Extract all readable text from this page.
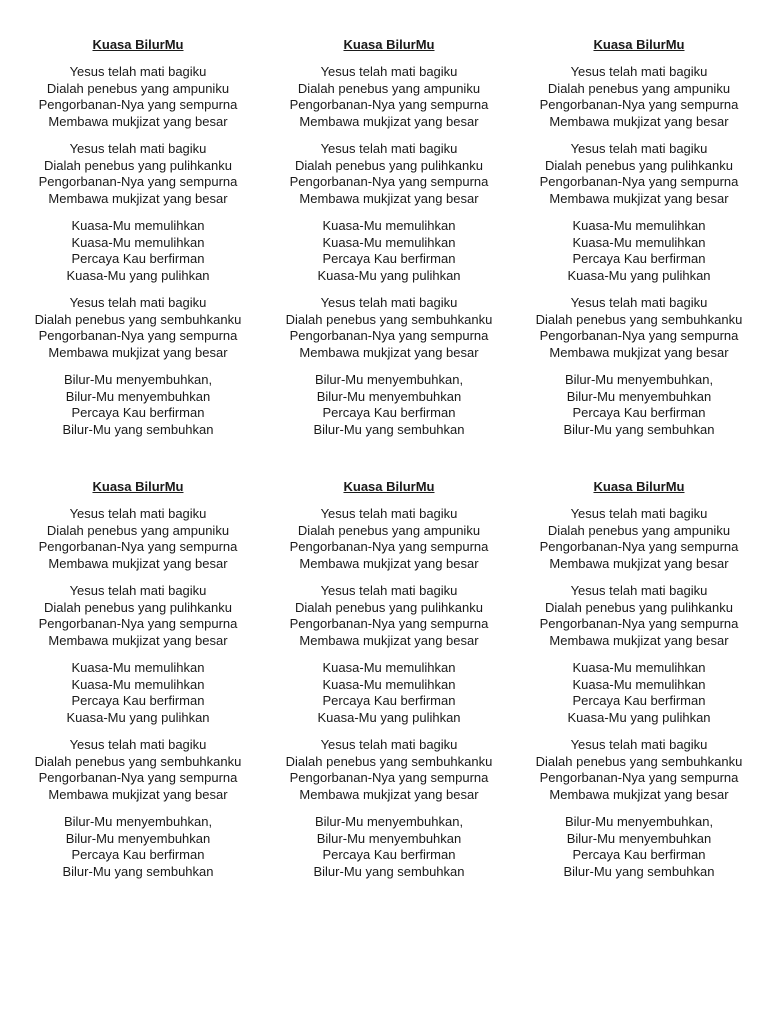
Kuasa BilurMu
Yesus telah mati bagiku
Dialah penebus yang ampuniku
Pengorbanan-Nya yang sempurna
Membawa mukjizat yang besar
Yesus telah mati bagiku
Dialah penebus yang pulihkanku
Pengorbanan-Nya yang sempurna
Membawa mukjizat yang besar
Kuasa-Mu memulihkan
Kuasa-Mu memulihkan
Percaya Kau berfirman
Kuasa-Mu yang pulihkan
Yesus telah mati bagiku
Dialah penebus yang sembuhkanku
Pengorbanan-Nya yang sempurna
Membawa mukjizat yang besar
Bilur-Mu menyembuhkan,
Bilur-Mu menyembuhkan
Percaya Kau berfirman
Bilur-Mu yang sembuhkan
Kuasa BilurMu
Yesus telah mati bagiku
Dialah penebus yang ampuniku
Pengorbanan-Nya yang sempurna
Membawa mukjizat yang besar
Yesus telah mati bagiku
Dialah penebus yang pulihkanku
Pengorbanan-Nya yang sempurna
Membawa mukjizat yang besar
Kuasa-Mu memulihkan
Kuasa-Mu memulihkan
Percaya Kau berfirman
Kuasa-Mu yang pulihkan
Yesus telah mati bagiku
Dialah penebus yang sembuhkanku
Pengorbanan-Nya yang sempurna
Membawa mukjizat yang besar
Bilur-Mu menyembuhkan,
Bilur-Mu menyembuhkan
Percaya Kau berfirman
Bilur-Mu yang sembuhkan
Kuasa BilurMu
Yesus telah mati bagiku
Dialah penebus yang ampuniku
Pengorbanan-Nya yang sempurna
Membawa mukjizat yang besar
Yesus telah mati bagiku
Dialah penebus yang pulihkanku
Pengorbanan-Nya yang sempurna
Membawa mukjizat yang besar
Kuasa-Mu memulihkan
Kuasa-Mu memulihkan
Percaya Kau berfirman
Kuasa-Mu yang pulihkan
Yesus telah mati bagiku
Dialah penebus yang sembuhkanku
Pengorbanan-Nya yang sempurna
Membawa mukjizat yang besar
Bilur-Mu menyembuhkan,
Bilur-Mu menyembuhkan
Percaya Kau berfirman
Bilur-Mu yang sembuhkan
Kuasa BilurMu
Yesus telah mati bagiku
Dialah penebus yang ampuniku
Pengorbanan-Nya yang sempurna
Membawa mukjizat yang besar
Yesus telah mati bagiku
Dialah penebus yang pulihkanku
Pengorbanan-Nya yang sempurna
Membawa mukjizat yang besar
Kuasa-Mu memulihkan
Kuasa-Mu memulihkan
Percaya Kau berfirman
Kuasa-Mu yang pulihkan
Yesus telah mati bagiku
Dialah penebus yang sembuhkanku
Pengorbanan-Nya yang sempurna
Membawa mukjizat yang besar
Bilur-Mu menyembuhkan,
Bilur-Mu menyembuhkan
Percaya Kau berfirman
Bilur-Mu yang sembuhkan
Kuasa BilurMu
Yesus telah mati bagiku
Dialah penebus yang ampuniku
Pengorbanan-Nya yang sempurna
Membawa mukjizat yang besar
Yesus telah mati bagiku
Dialah penebus yang pulihkanku
Pengorbanan-Nya yang sempurna
Membawa mukjizat yang besar
Kuasa-Mu memulihkan
Kuasa-Mu memulihkan
Percaya Kau berfirman
Kuasa-Mu yang pulihkan
Yesus telah mati bagiku
Dialah penebus yang sembuhkanku
Pengorbanan-Nya yang sempurna
Membawa mukjizat yang besar
Bilur-Mu menyembuhkan,
Bilur-Mu menyembuhkan
Percaya Kau berfirman
Bilur-Mu yang sembuhkan
Kuasa BilurMu
Yesus telah mati bagiku
Dialah penebus yang ampuniku
Pengorbanan-Nya yang sempurna
Membawa mukjizat yang besar
Yesus telah mati bagiku
Dialah penebus yang pulihkanku
Pengorbanan-Nya yang sempurna
Membawa mukjizat yang besar
Kuasa-Mu memulihkan
Kuasa-Mu memulihkan
Percaya Kau berfirman
Kuasa-Mu yang pulihkan
Yesus telah mati bagiku
Dialah penebus yang sembuhkanku
Pengorbanan-Nya yang sempurna
Membawa mukjizat yang besar
Bilur-Mu menyembuhkan,
Bilur-Mu menyembuhkan
Percaya Kau berfirman
Bilur-Mu yang sembuhkan
